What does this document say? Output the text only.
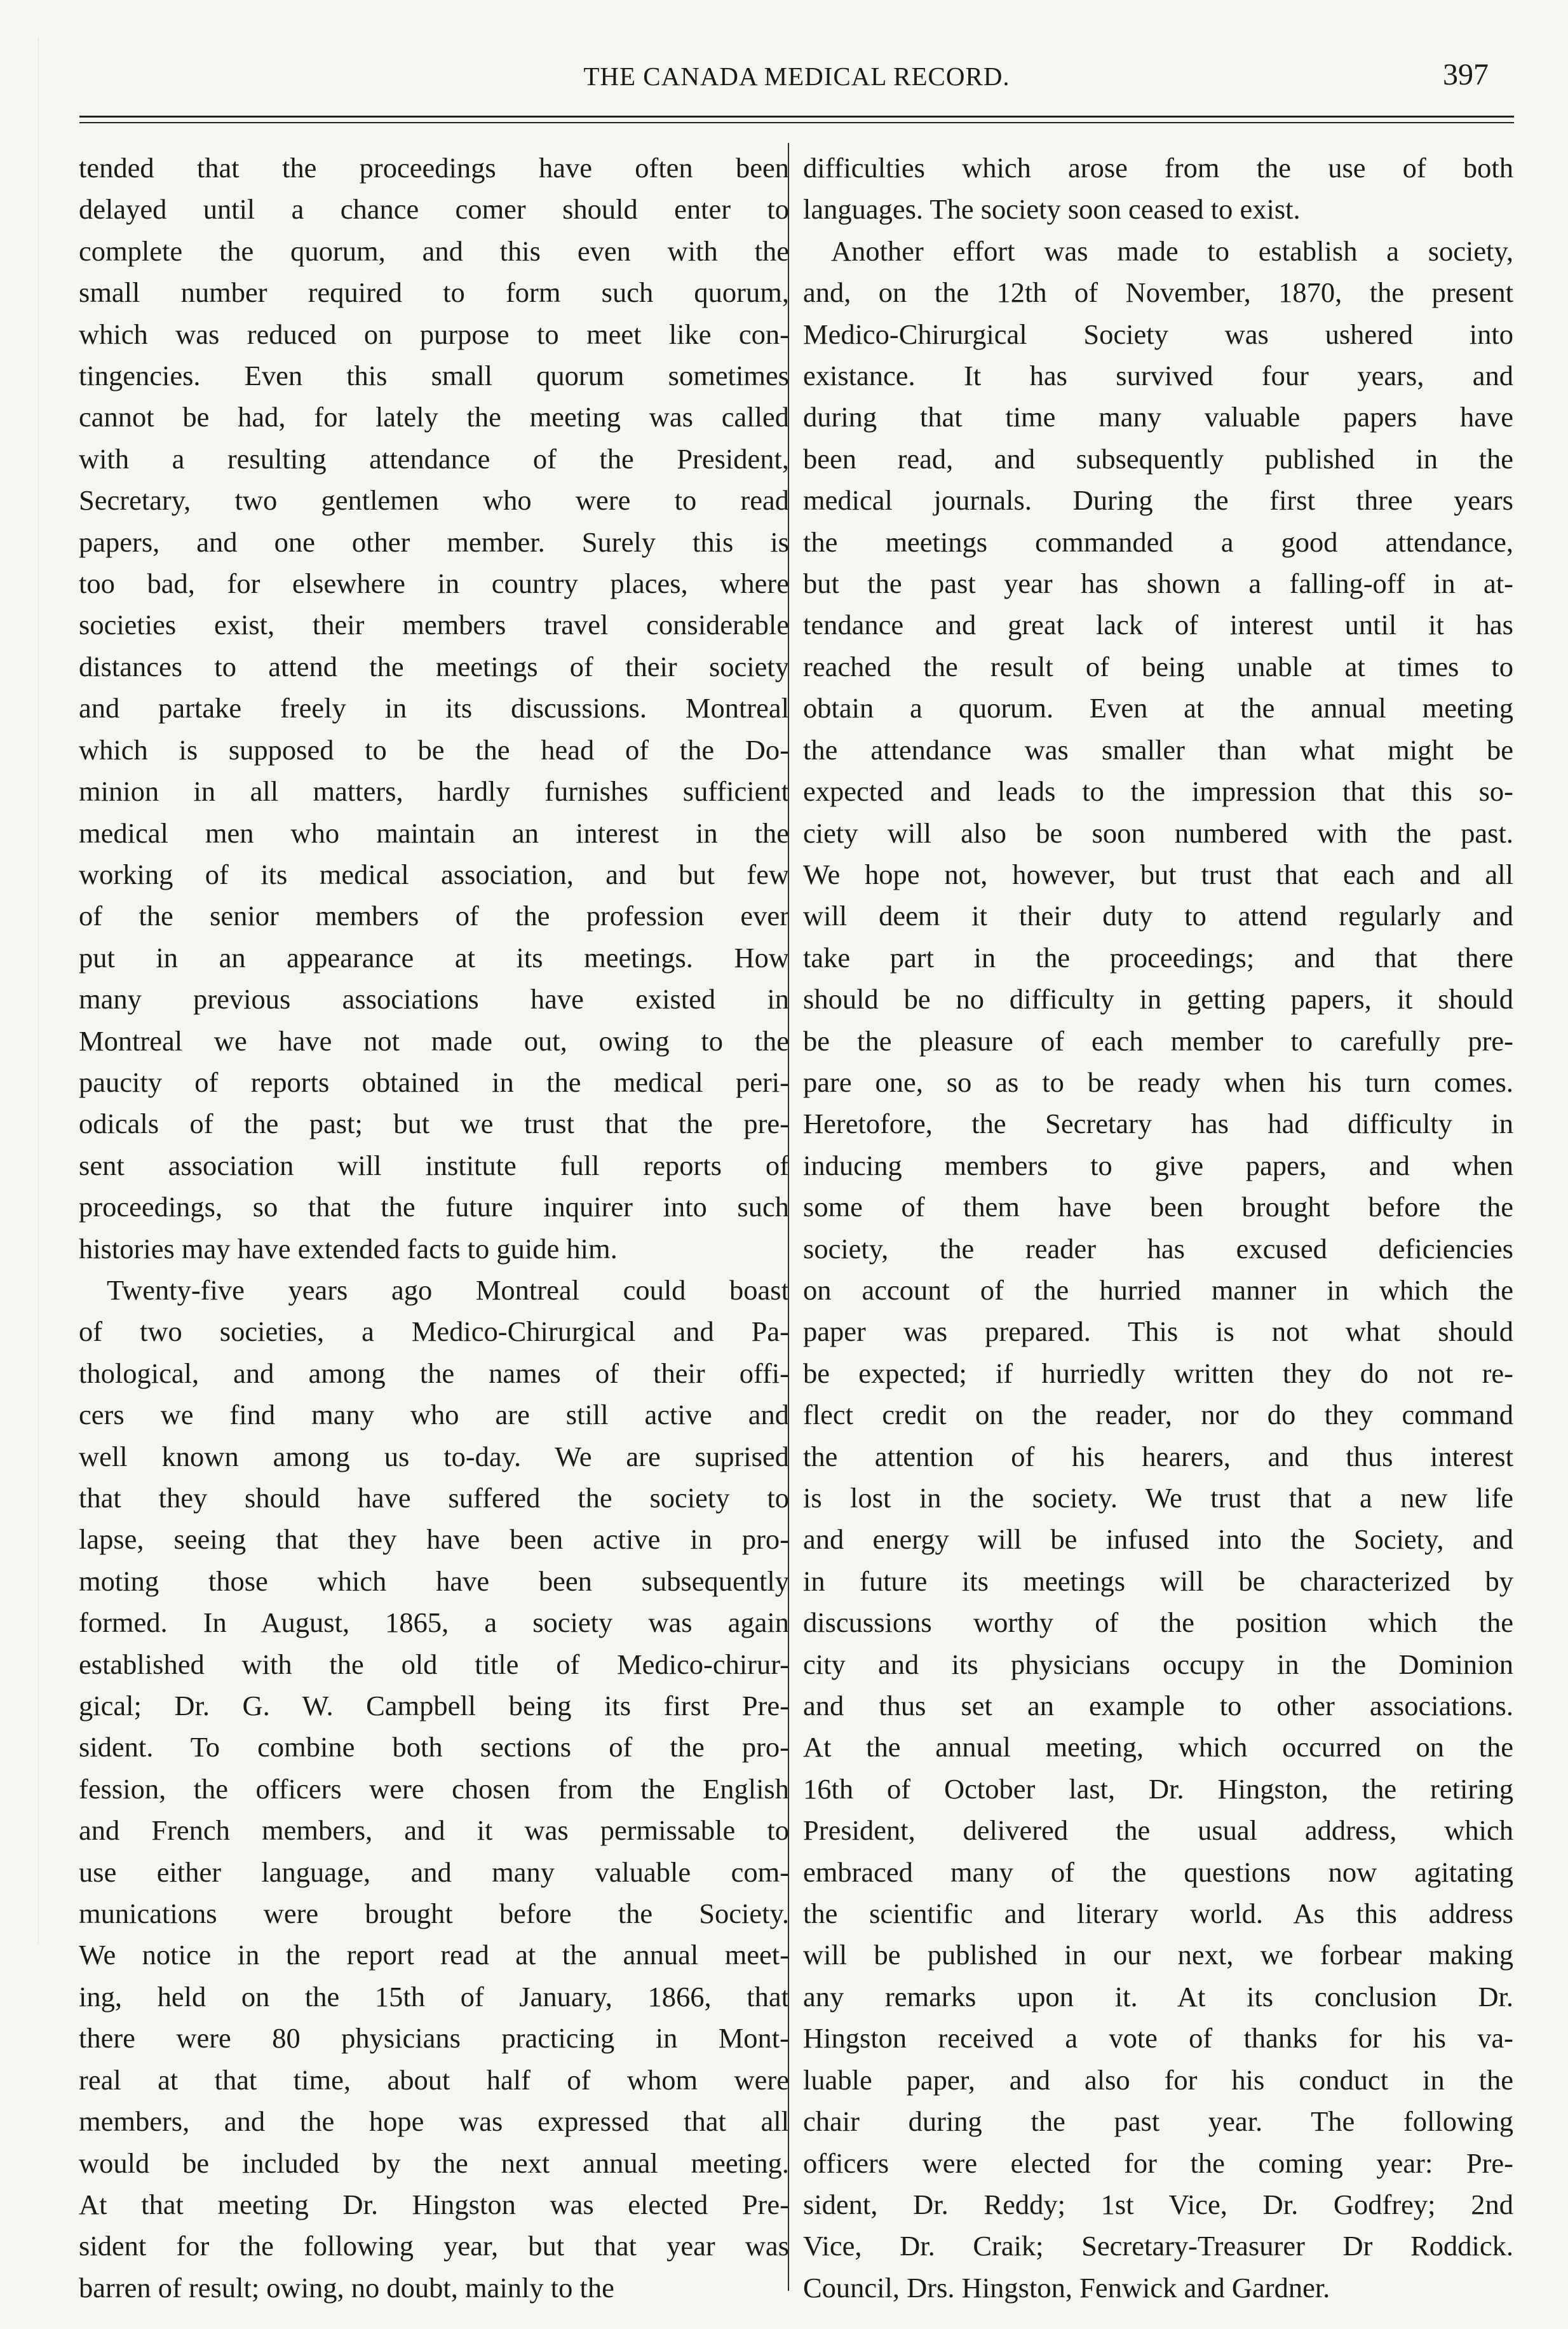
THE CANADA MEDICAL RECORD.	397

tended that the proceedings have often been
delayed until a chance comer should enter to
complete the quorum, and this even with the
small number required to form such quorum,
which was reduced on purpose to meet like con-
tingencies. Even this small quorum sometimes
cannot be had, for lately the meeting was called
with a resulting attendance of the President,
Secretary, two gentlemen who were to read
papers, and one other member. Surely this is
too bad, for elsewhere in country places, where
societies exist, their members travel considerable
distances to attend the meetings of their society
and partake freely in its discussions. Montreal
which is supposed to be the head of the Do-
minion in all matters, hardly furnishes sufficient
medical men who maintain an interest in the
working of its medical association, and but few
of the senior members of the profession ever
put in an appearance at its meetings. How
many previous associations have existed in
Montreal we have not made out, owing to the
paucity of reports obtained in the medical peri-
odicals of the past; but we trust that the pre-
sent association will institute full reports of
proceedings, so that the future inquirer into such
histories may have extended facts to guide him.

Twenty-five years ago Montreal could boast
of two societies, a Medico-Chirurgical and Pa-
thological, and among the names of their offi-
cers we find many who are still active and
well known among us to-day. We are suprised
that they should have suffered the society to
lapse, seeing that they have been active in pro-
moting those which have been subsequently
formed. In August, 1865, a society was again
established with the old title of Medico-chirur-
gical; Dr. G. W. Campbell being its first Pre-
sident. To combine both sections of the pro-
fession, the officers were chosen from the English
and French members, and it was permissable to
use either language, and many valuable com-
munications were brought before the Society.
We notice in the report read at the annual meet-
ing, held on the 15th of January, 1866, that
there were 80 physicians practicing in Mont-
real at that time, about half of whom were
members, and the hope was expressed that all
would be included by the next annual meeting.
At that meeting Dr. Hingston was elected Pre-
sident for the following year, but that year was
barren of result; owing, no doubt, mainly to the

difficulties which arose from the use of both
languages. The society soon ceased to exist.

Another effort was made to establish a society,
and, on the 12th of November, 1870, the present
Medico-Chirurgical Society was ushered into
existance. It has survived four years, and
during that time many valuable papers have
been read, and subsequently published in the
medical journals. During the first three years
the meetings commanded a good attendance,
but the past year has shown a falling-off in at-
tendance and great lack of interest until it has
reached the result of being unable at times to
obtain a quorum. Even at the annual meeting
the attendance was smaller than what might be
expected and leads to the impression that this so-
ciety will also be soon numbered with the past.
We hope not, however, but trust that each and all
will deem it their duty to attend regularly and
take part in the proceedings; and that there
should be no difficulty in getting papers, it should
be the pleasure of each member to carefully pre-
pare one, so as to be ready when his turn comes.
Heretofore, the Secretary has had difficulty in
inducing members to give papers, and when
some of them have been brought before the
society, the reader has excused deficiencies
on account of the hurried manner in which the
paper was prepared. This is not what should
be expected; if hurriedly written they do not re-
flect credit on the reader, nor do they command
the attention of his hearers, and thus interest
is lost in the society. We trust that a new life
and energy will be infused into the Society, and
in future its meetings will be characterized by
discussions worthy of the position which the
city and its physicians occupy in the Dominion
and thus set an example to other associations.
At the annual meeting, which occurred on the
16th of October last, Dr. Hingston, the retiring
President, delivered the usual address, which
embraced many of the questions now agitating
the scientific and literary world. As this address
will be published in our next, we forbear making
any remarks upon it. At its conclusion Dr.
Hingston received a vote of thanks for his va-
luable paper, and also for his conduct in the
chair during the past year. The following
officers were elected for the coming year: Pre-
sident, Dr. Reddy; 1st Vice, Dr. Godfrey; 2nd
Vice, Dr. Craik; Secretary-Treasurer Dr Roddick.
Council, Drs. Hingston, Fenwick and Gardner.
